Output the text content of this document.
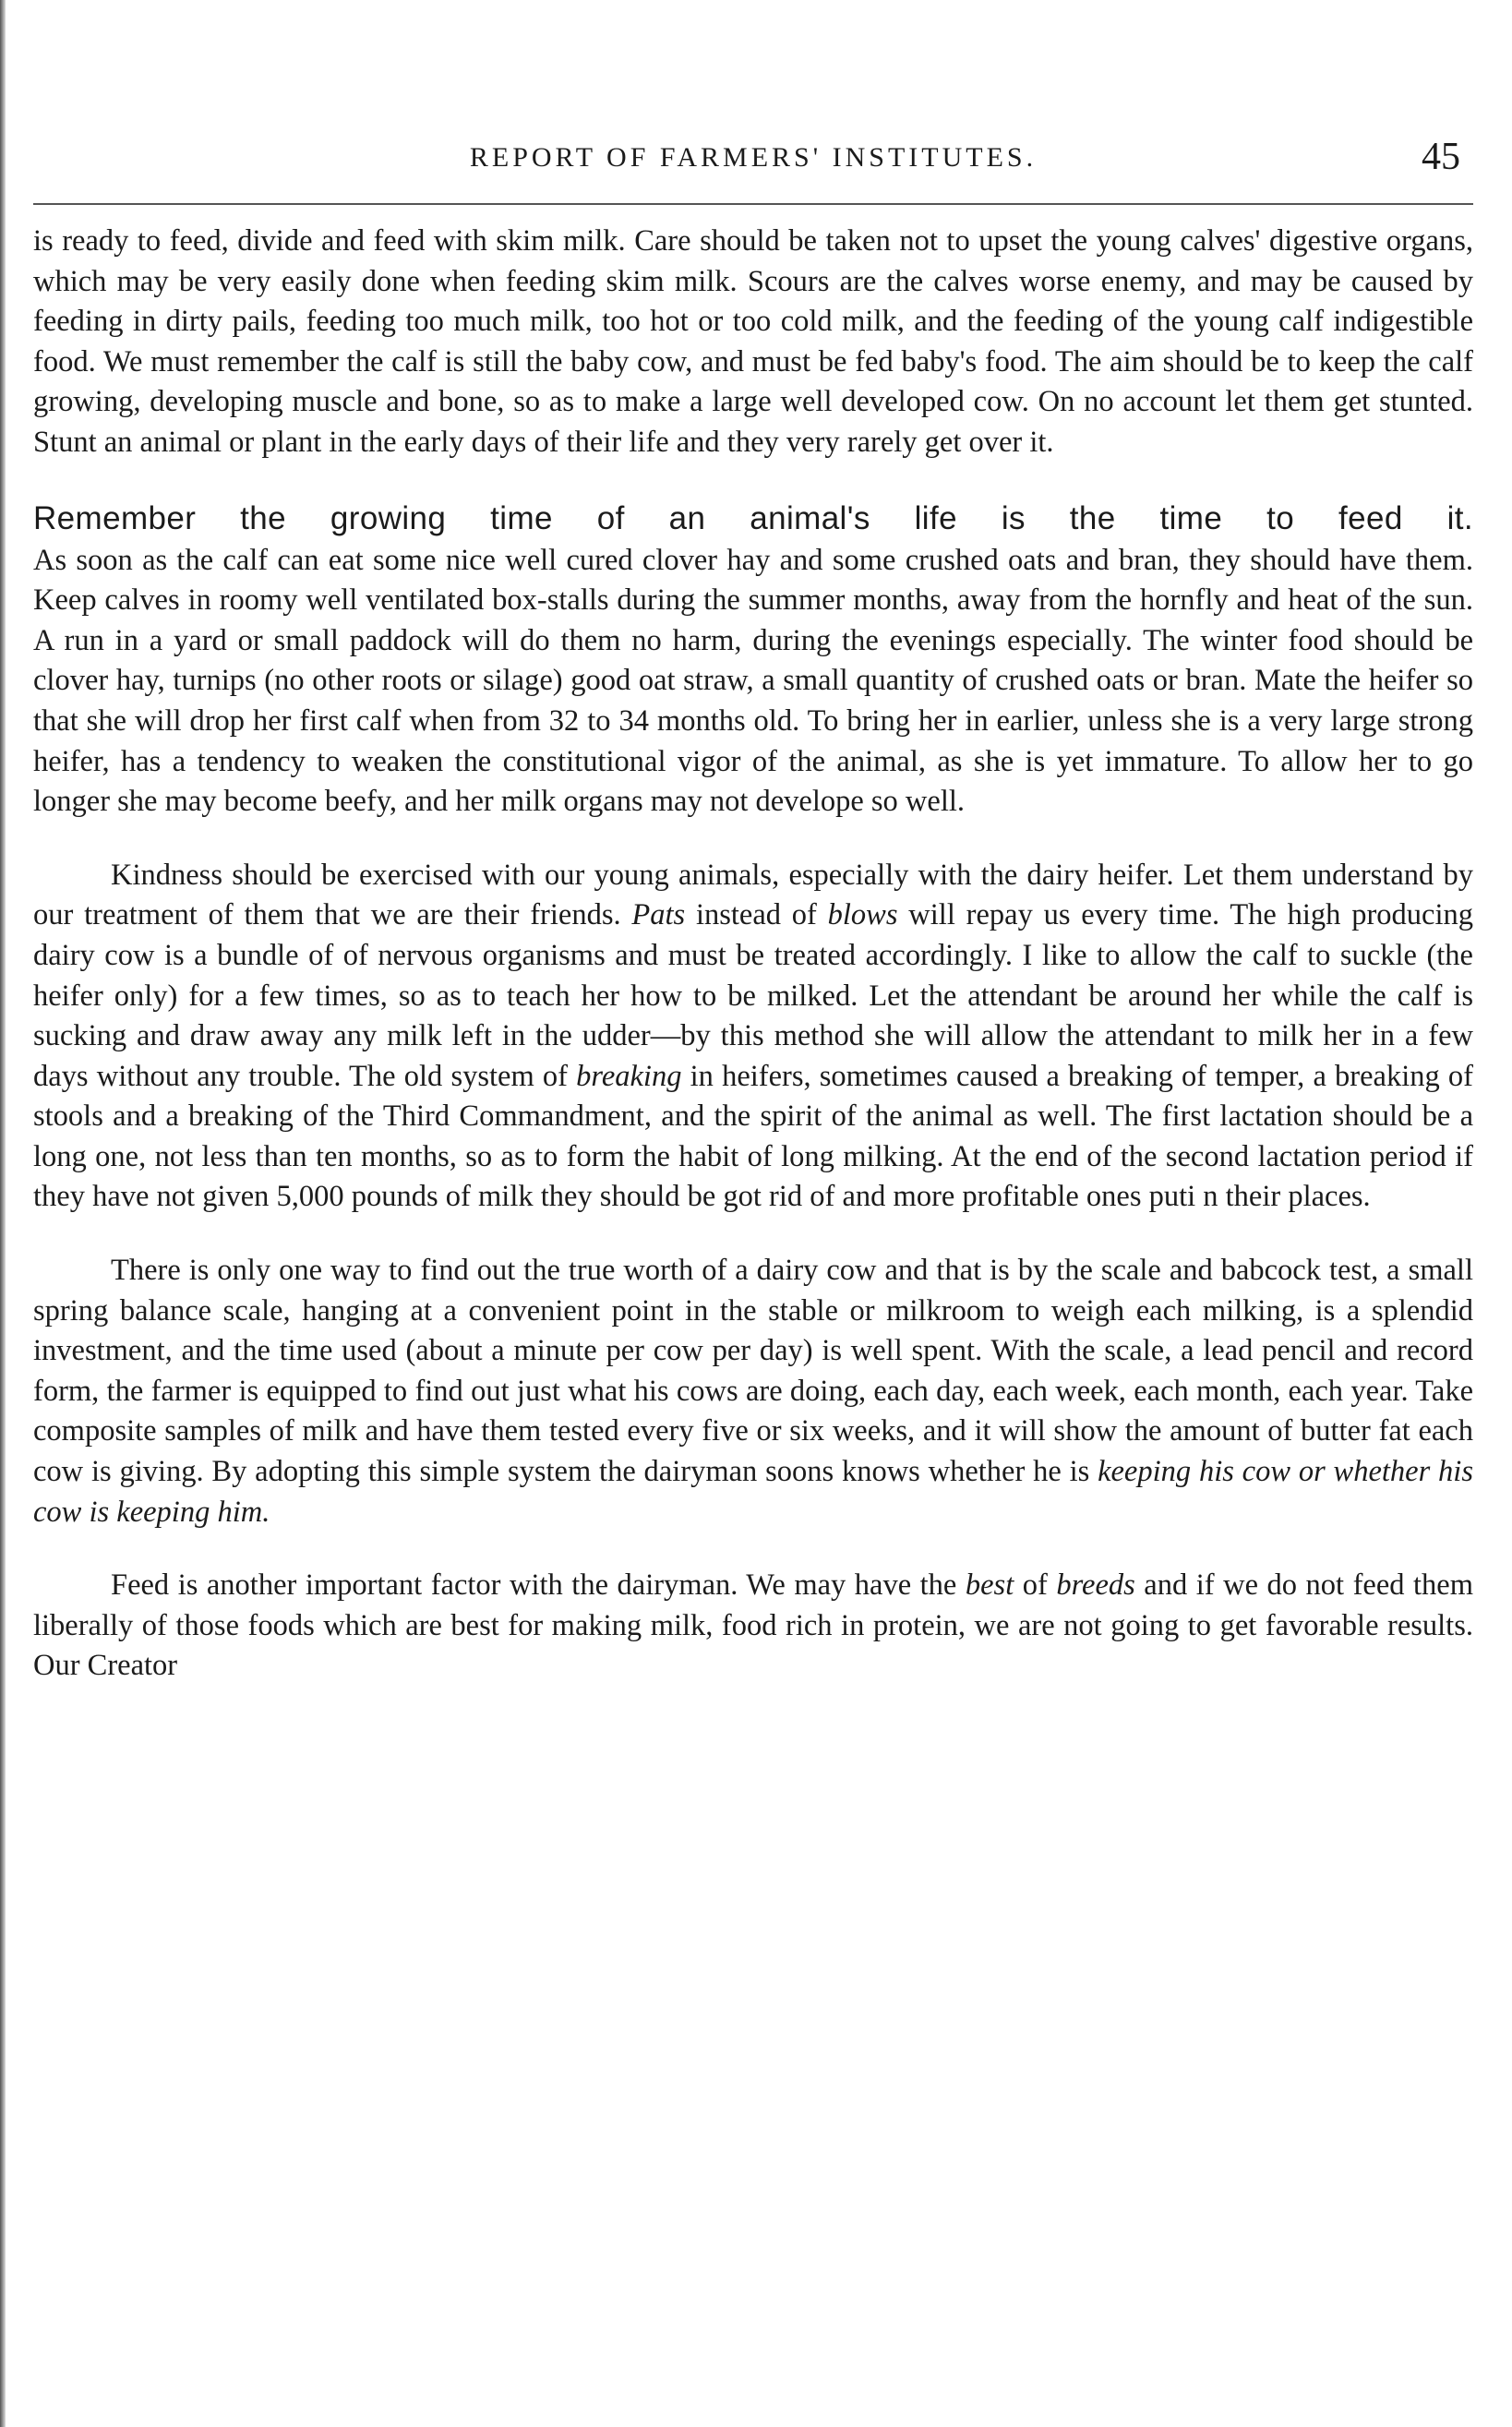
REPORT OF FARMERS' INSTITUTES.	45

is ready to feed, divide and feed with skim milk. Care should be taken not to upset the young calves' digestive organs, which may be very easily done when feeding skim milk. Scours are the calves worse enemy, and may be caused by feeding in dirty pails, feeding too much milk, too hot or too cold milk, and the feeding of the young calf indigestible food. We must remember the calf is still the baby cow, and must be fed baby's food. The aim should be to keep the calf growing, developing muscle and bone, so as to make a large well developed cow. On no account let them get stunted. Stunt an animal or plant in the early days of their life and they very rarely get over it.

Remember the growing time of an animal's life is the time to feed it.

As soon as the calf can eat some nice well cured clover hay and some crushed oats and bran, they should have them. Keep calves in roomy well ventilated box-stalls during the summer months, away from the hornfly and heat of the sun. A run in a yard or small paddock will do them no harm, during the evenings especially. The winter food should be clover hay, turnips (no other roots or silage) good oat straw, a small quantity of crushed oats or bran. Mate the heifer so that she will drop her first calf when from 32 to 34 months old. To bring her in earlier, unless she is a very large strong heifer, has a tendency to weaken the constitutional vigor of the animal, as she is yet immature. To allow her to go longer she may become beefy, and her milk organs may not develope so well.

Kindness should be exercised with our young animals, especially with the dairy heifer. Let them understand by our treatment of them that we are their friends. Pats instead of blows will repay us every time. The high producing dairy cow is a bundle of of nervous organisms and must be treated accordingly. I like to allow the calf to suckle (the heifer only) for a few times, so as to teach her how to be milked. Let the attendant be around her while the calf is sucking and draw away any milk left in the udder—by this method she will allow the attendant to milk her in a few days without any trouble. The old system of breaking in heifers, sometimes caused a breaking of temper, a breaking of stools and a breaking of the Third Commandment, and the spirit of the animal as well. The first lactation should be a long one, not less than ten months, so as to form the habit of long milking. At the end of the second lactation period if they have not given 5,000 pounds of milk they should be got rid of and more profitable ones puti n their places.

There is only one way to find out the true worth of a dairy cow and that is by the scale and babcock test, a small spring balance scale, hanging at a convenient point in the stable or milkroom to weigh each milking, is a splendid investment, and the time used (about a minute per cow per day) is well spent. With the scale, a lead pencil and record form, the farmer is equipped to find out just what his cows are doing, each day, each week, each month, each year. Take composite samples of milk and have them tested every five or six weeks, and it will show the amount of butter fat each cow is giving. By adopting this simple system the dairyman soons knows whether he is keeping his cow or whether his cow is keeping him.

Feed is another important factor with the dairyman. We may have the best of breeds and if we do not feed them liberally of those foods which are best for making milk, food rich in protein, we are not going to get favorable results. Our Creator
